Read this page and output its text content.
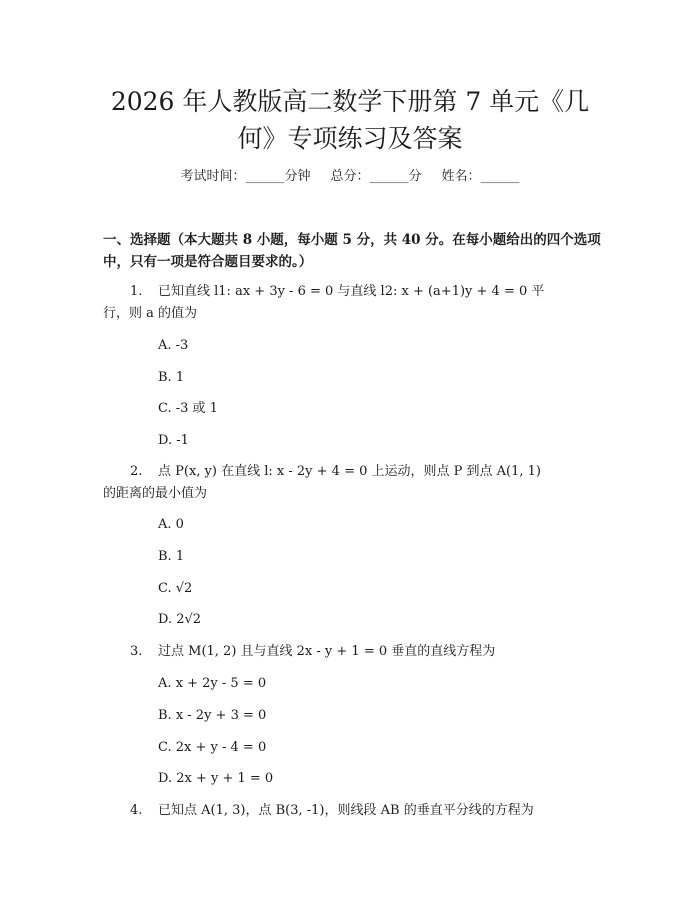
2026 年人教版高二数学下册第 7 单元《几
何》专项练习及答案
考试时间：______分钟 总分：______分 姓名：______
一、选择题（本大题共 8 小题，每小题 5 分，共 40 分。在每小题给出的四个选项
中，只有一项是符合题目要求的。）
1. 已知直线 l1: ax + 3y - 6 = 0 与直线 l2: x + (a+1)y + 4 = 0 平
行，则 a 的值为
A. -3
B. 1
C. -3 或 1
D. -1
2. 点 P(x, y) 在直线 l: x - 2y + 4 = 0 上运动，则点 P 到点 A(1, 1)
的距离的最小值为
A. 0
B. 1
C. √2
D. 2√2
3. 过点 M(1, 2) 且与直线 2x - y + 1 = 0 垂直的直线方程为
A. x + 2y - 5 = 0
B. x - 2y + 3 = 0
C. 2x + y - 4 = 0
D. 2x + y + 1 = 0
4. 已知点 A(1, 3)，点 B(3, -1)，则线段 AB 的垂直平分线的方程为
